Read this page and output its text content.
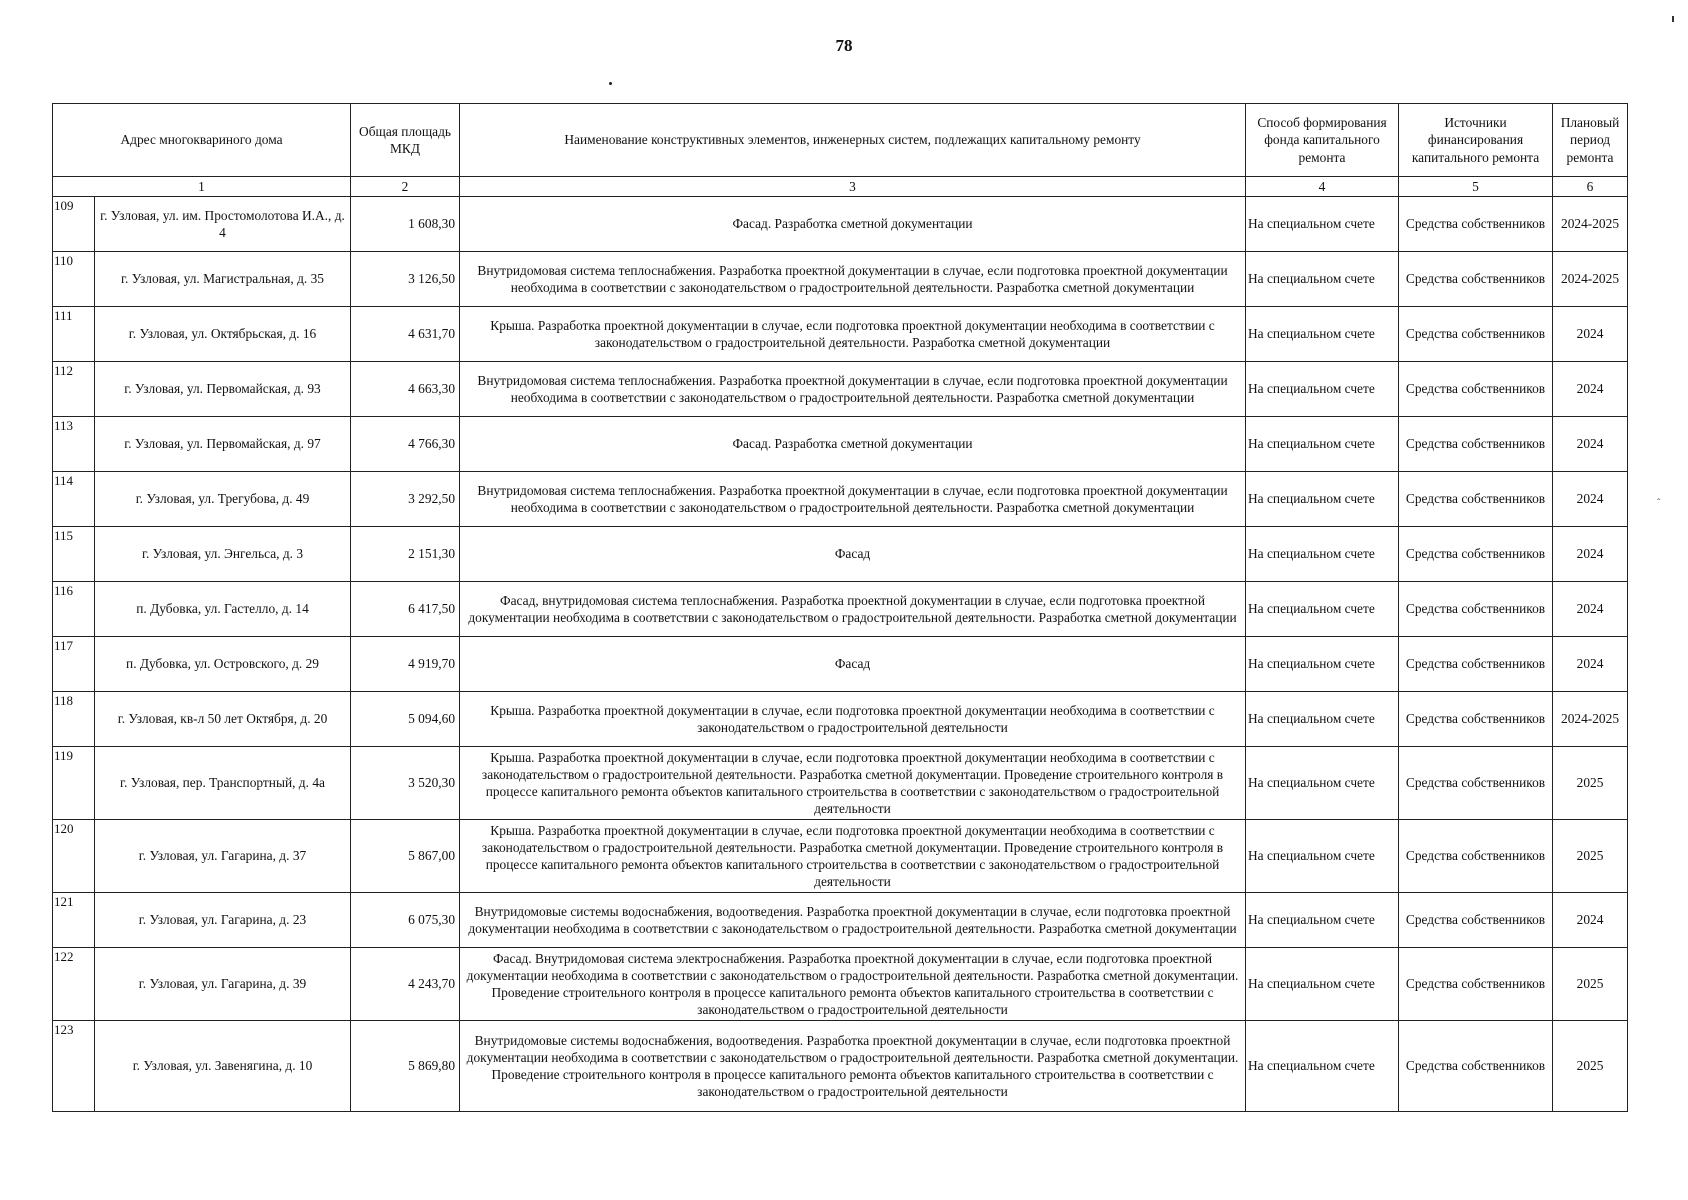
78
ˆ
Адрес многоквариного дома		Общая площадь МКД	Наименование конструктивных элементов, инженерных систем, подлежащих капитальному ремонту	Способ формирования фонда капитального ремонта	Источники финансирования капитального ремонта	Плановый период ремонта
1		2	3	4	5	6
109	г. Узловая, ул. им. Простомолотова И.А., д. 4	1 608,30	Фасад. Разработка сметной документации	На специальном счете	Средства собственников	2024-2025
110	г. Узловая, ул. Магистральная, д. 35	3 126,50	Внутридомовая система теплоснабжения. Разработка проектной документации в случае, если подготовка проектной документации необходима в соответствии с законодательством о градостроительной деятельности. Разработка сметной документации	На специальном счете	Средства собственников	2024-2025
111	г. Узловая, ул. Октябрьская, д. 16	4 631,70	Крыша. Разработка проектной документации в случае, если подготовка проектной документации необходима в соответствии с законодательством о градостроительной деятельности. Разработка сметной документации	На специальном счете	Средства собственников	2024
112	г. Узловая, ул. Первомайская, д. 93	4 663,30	Внутридомовая система теплоснабжения. Разработка проектной документации в случае, если подготовка проектной документации необходима в соответствии с законодательством о градостроительной деятельности. Разработка сметной документации	На специальном счете	Средства собственников	2024
113	г. Узловая, ул. Первомайская, д. 97	4 766,30	Фасад. Разработка сметной документации	На специальном счете	Средства собственников	2024
114	г. Узловая, ул. Трегубова, д. 49	3 292,50	Внутридомовая система теплоснабжения. Разработка проектной документации в случае, если подготовка проектной документации необходима в соответствии с законодательством о градостроительной деятельности. Разработка сметной документации	На специальном счете	Средства собственников	2024
115	г. Узловая, ул. Энгельса, д. 3	2 151,30	Фасад	На специальном счете	Средства собственников	2024
116	п. Дубовка, ул. Гастелло, д. 14	6 417,50	Фасад, внутридомовая система теплоснабжения. Разработка проектной документации в случае, если подготовка проектной документации необходима в соответствии с законодательством о градостроительной деятельности. Разработка сметной документации	На специальном счете	Средства собственников	2024
117	п. Дубовка, ул. Островского, д. 29	4 919,70	Фасад	На специальном счете	Средства собственников	2024
118	г. Узловая, кв-л 50 лет Октября, д. 20	5 094,60	Крыша. Разработка проектной документации в случае, если подготовка проектной документации необходима в соответствии с законодательством о градостроительной деятельности	На специальном счете	Средства собственников	2024-2025
119	г. Узловая, пер. Транспортный, д. 4а	3 520,30	Крыша. Разработка проектной документации в случае, если подготовка проектной документации необходима в соответствии с законодательством о градостроительной деятельности. Разработка сметной документации. Проведение строительного контроля в процессе капитального ремонта объектов капитального строительства в соответствии с законодательством о градостроительной деятельности	На специальном счете	Средства собственников	2025
120	г. Узловая, ул. Гагарина, д. 37	5 867,00	Крыша. Разработка проектной документации в случае, если подготовка проектной документации необходима в соответствии с законодательством о градостроительной деятельности. Разработка сметной документации. Проведение строительного контроля в процессе капитального ремонта объектов капитального строительства в соответствии с законодательством о градостроительной деятельности	На специальном счете	Средства собственников	2025
121	г. Узловая, ул. Гагарина, д. 23	6 075,30	Внутридомовые системы водоснабжения, водоотведения. Разработка проектной документации в случае, если подготовка проектной документации необходима в соответствии с законодательством о градостроительной деятельности. Разработка сметной документации	На специальном счете	Средства собственников	2024
122	г. Узловая, ул. Гагарина, д. 39	4 243,70	Фасад. Внутридомовая система электроснабжения. Разработка проектной документации в случае, если подготовка проектной документации необходима в соответствии с законодательством о градостроительной деятельности. Разработка сметной документации. Проведение строительного контроля в процессе капитального ремонта объектов капитального строительства в соответствии с законодательством о градостроительной деятельности	На специальном счете	Средства собственников	2025
123	г. Узловая, ул. Завенягина, д. 10	5 869,80	Внутридомовые системы водоснабжения, водоотведения. Разработка проектной документации в случае, если подготовка проектной документации необходима в соответствии с законодательством о градостроительной деятельности. Разработка сметной документации. Проведение строительного контроля в процессе капитального ремонта объектов капитального строительства в соответствии с законодательством о градостроительной деятельности	На специальном счете	Средства собственников	2025
